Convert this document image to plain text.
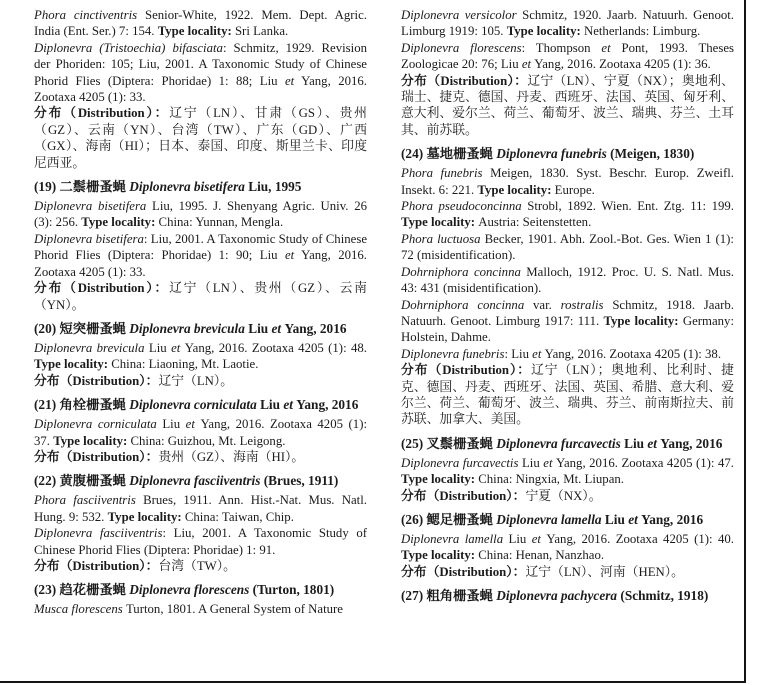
Phora cinctiventris Senior-White, 1922. Mem. Dept. Agric. India (Ent. Ser.) 7: 154. Type locality: Sri Lanka.

Diplonevra (Tristoechia) bifasciata: Schmitz, 1929. Revision der Phoriden: 105; Liu, 2001. A Taxonomic Study of Chinese Phorid Flies (Diptera: Phoridae) 1: 88; Liu et Yang, 2016. Zootaxa 4205 (1): 33.

分布（Distribution）：辽宁（LN）、甘肃（GS）、贵州（GZ）、云南（YN）、台湾（TW）、广东（GD）、广西（GX）、海南（HI）；日本、泰国、印度、斯里兰卡、印度尼西亚。

(19) 二鬃栅蚤蝇 Diplonevra bisetifera Liu, 1995

Diplonevra bisetifera Liu, 1995. J. Shenyang Agric. Univ. 26 (3): 256. Type locality: China: Yunnan, Mengla.

Diplonevra bisetifera: Liu, 2001. A Taxonomic Study of Chinese Phorid Flies (Diptera: Phoridae) 1: 90; Liu et Yang, 2016. Zootaxa 4205 (1): 33.

分布（Distribution）：辽宁（LN）、贵州（GZ）、云南（YN）。

(20) 短突栅蚤蝇 Diplonevra brevicula Liu et Yang, 2016

Diplonevra brevicula Liu et Yang, 2016. Zootaxa 4205 (1): 48. Type locality: China: Liaoning, Mt. Laotie.

分布（Distribution）：辽宁（LN）。

(21) 角栓栅蚤蝇 Diplonevra corniculata Liu et Yang, 2016

Diplonevra corniculata Liu et Yang, 2016. Zootaxa 4205 (1): 37. Type locality: China: Guizhou, Mt. Leigong.

分布（Distribution）：贵州（GZ）、海南（HI）。

(22) 黄腹栅蚤蝇 Diplonevra fasciiventris (Brues, 1911)

Phora fasciiventris Brues, 1911. Ann. Hist.-Nat. Mus. Natl. Hung. 9: 532. Type locality: China: Taiwan, Chip.

Diplonevra fasciiventris: Liu, 2001. A Taxonomic Study of Chinese Phorid Flies (Diptera: Phoridae) 1: 91.

分布（Distribution）：台湾（TW）。

(23) 趋花栅蚤蝇 Diplonevra florescens (Turton, 1801)

Musca florescens Turton, 1801. A General System of Nature

Diplonevra versicolor Schmitz, 1920. Jaarb. Natuurh. Genoot. Limburg 1919: 105. Type locality: Netherlands: Limburg.

Diplonevra florescens: Thompson et Pont, 1993. Theses Zoologicae 20: 76; Liu et Yang, 2016. Zootaxa 4205 (1): 36.

分布（Distribution）：辽宁（LN）、宁夏（NX）；奥地利、瑞士、捷克、德国、丹麦、西班牙、法国、英国、匈牙利、意大利、爱尔兰、荷兰、葡萄牙、波兰、瑞典、芬兰、土耳其、前苏联。

(24) 墓地栅蚤蝇 Diplonevra funebris (Meigen, 1830)

Phora funebris Meigen, 1830. Syst. Beschr. Europ. Zweifl. Insekt. 6: 221. Type locality: Europe.

Phora pseudoconcinna Strobl, 1892. Wien. Ent. Ztg. 11: 199. Type locality: Austria: Seitenstetten.

Phora luctuosa Becker, 1901. Abh. Zool.-Bot. Ges. Wien 1 (1): 72 (misidentification).

Dohrniphora concinna Malloch, 1912. Proc. U. S. Natl. Mus. 43: 431 (misidentification).

Dohrniphora concinna var. rostralis Schmitz, 1918. Jaarb. Natuurh. Genoot. Limburg 1917: 111. Type locality: Germany: Holstein, Dahme.

Diplonevra funebris: Liu et Yang, 2016. Zootaxa 4205 (1): 38.

分布（Distribution）：辽宁（LN）；奥地利、比利时、捷克、德国、丹麦、西班牙、法国、英国、希腊、意大利、爱尔兰、荷兰、葡萄牙、波兰、瑞典、芬兰、前南斯拉夫、前苏联、加拿大、美国。

(25) 叉鬃栅蚤蝇 Diplonevra furcavectis Liu et Yang, 2016

Diplonevra furcavectis Liu et Yang, 2016. Zootaxa 4205 (1): 47. Type locality: China: Ningxia, Mt. Liupan.

分布（Distribution）：宁夏（NX）。

(26) 鳃足栅蚤蝇 Diplonevra lamella Liu et Yang, 2016

Diplonevra lamella Liu et Yang, 2016. Zootaxa 4205 (1): 40. Type locality: China: Henan, Nanzhao.

分布（Distribution）：辽宁（LN）、河南（HEN）。

(27) 粗角栅蚤蝇 Diplonevra pachycera (Schmitz, 1918)
